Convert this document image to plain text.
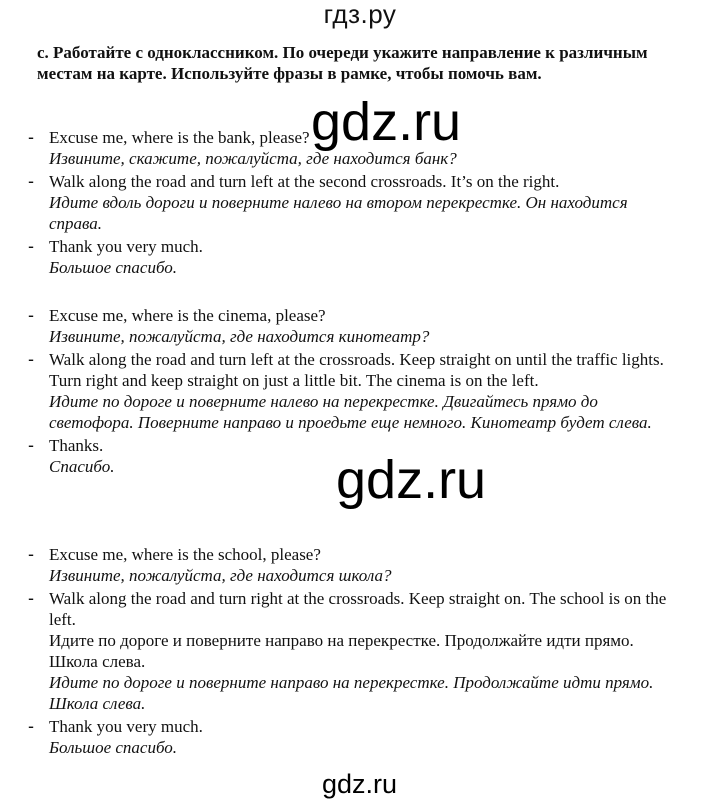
гдз.ру
c. Работайте с одноклассником. По очереди укажите направление к различным местам на карте. Используйте фразы в рамке, чтобы помочь вам.
- Excuse me, where is the bank, please?
Извините, скажите, пожалуйста, где находится банк?
- Walk along the road and turn left at the second crossroads. It’s on the right.
Идите вдоль дороги и поверните налево на втором перекрестке. Он находится справа.
- Thank you very much.
Большое спасибо.
- Excuse me, where is the cinema, please?
Извините, пожалуйста, где находится кинотеатр?
- Walk along the road and turn left at the crossroads. Keep straight on until the traffic lights. Turn right and keep straight on just a little bit. The cinema is on the left.
Идите по дороге и поверните налево на перекрестке. Двигайтесь прямо до светофора. Поверните направо и проедьте еще немного. Кинотеатр будет слева.
- Thanks.
Спасибо.
- Excuse me, where is the school, please?
Извините, пожалуйста, где находится школа?
- Walk along the road and turn right at the crossroads. Keep straight on. The school is on the left.
Идите по дороге и поверните направо на перекрестке. Продолжайте идти прямо. Школа слева.
Идите по дороге и поверните направо на перекрестке. Продолжайте идти прямо. Школа слева.
- Thank you very much.
Большое спасибо.
gdz.ru
gdz.ru
gdz.ru
